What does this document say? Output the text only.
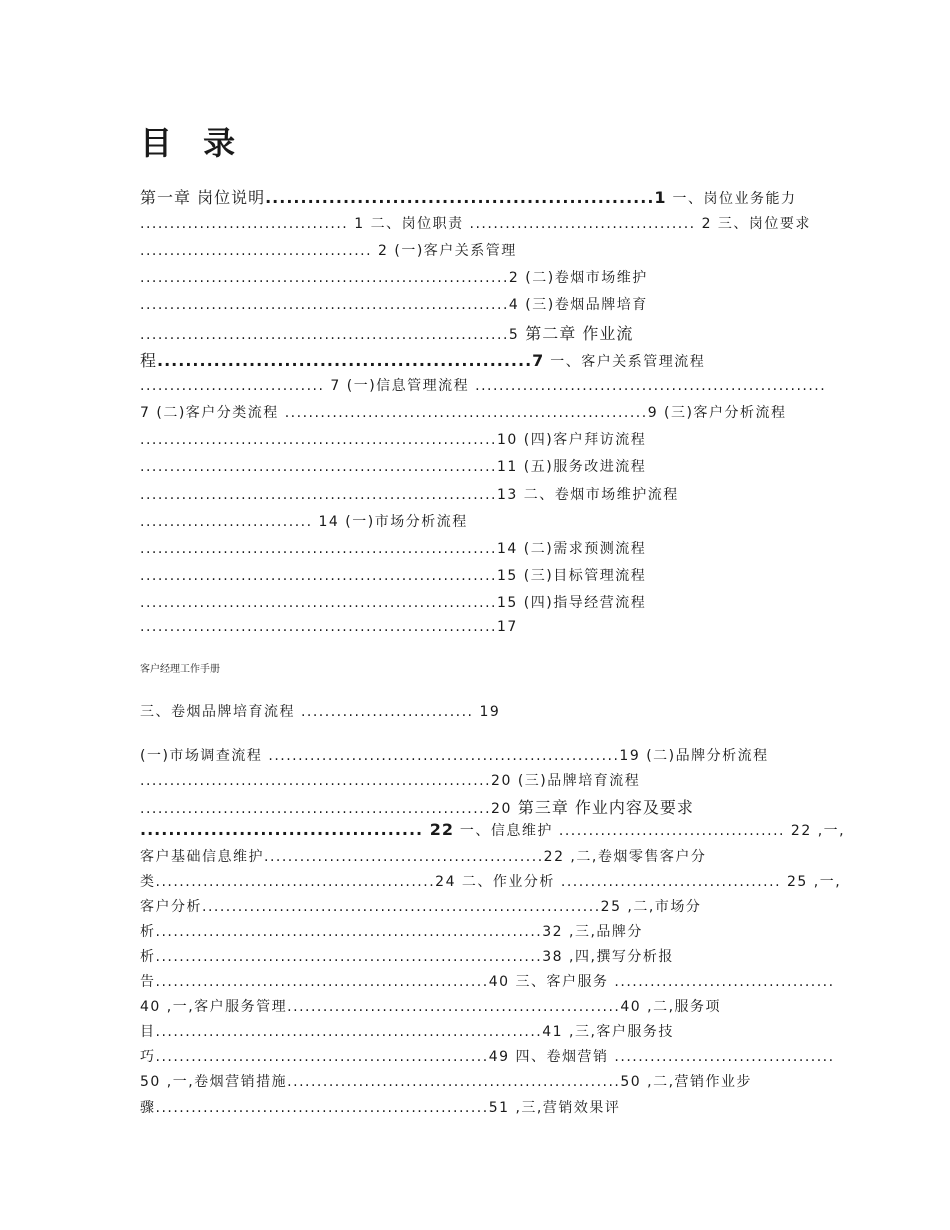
目 录
第一章 岗位说明.......................................................1 一、岗位业务能力
................................... 1 二、岗位职责 ...................................... 2 三、岗位要求
....................................... 2 (一)客户关系管理
..............................................................2 (二)卷烟市场维护
..............................................................4 (三)卷烟品牌培育
..............................................................5 第二章 作业流
程.....................................................7 一、客户关系管理流程
............................... 7 (一)信息管理流程 ...........................................................
7 (二)客户分类流程 .............................................................9 (三)客户分析流程
............................................................10 (四)客户拜访流程
............................................................11 (五)服务改进流程
............................................................13 二、卷烟市场维护流程
............................. 14 (一)市场分析流程
............................................................14 (二)需求预测流程
............................................................15 (三)目标管理流程
............................................................15 (四)指导经营流程
............................................................17
客户经理工作手册
三、卷烟品牌培育流程 ............................. 19
(一)市场调查流程 ...........................................................19 (二)品牌分析流程
...........................................................20 (三)品牌培育流程
...........................................................20 第三章 作业内容及要求
........................................ 22 一、信息维护 ...................................... 22 ,一,
客户基础信息维护...............................................22 ,二,卷烟零售客户分
类...............................................24 二、作业分析 ..................................... 25 ,一,
客户分析...................................................................25 ,二,市场分
析.................................................................32 ,三,品牌分
析.................................................................38 ,四,撰写分析报
告........................................................40 三、客户服务 .....................................
40 ,一,客户服务管理........................................................40 ,二,服务项
目.................................................................41 ,三,客户服务技
巧........................................................49 四、卷烟营销 .....................................
50 ,一,卷烟营销措施........................................................50 ,二,营销作业步
骤........................................................51 ,三,营销效果评
